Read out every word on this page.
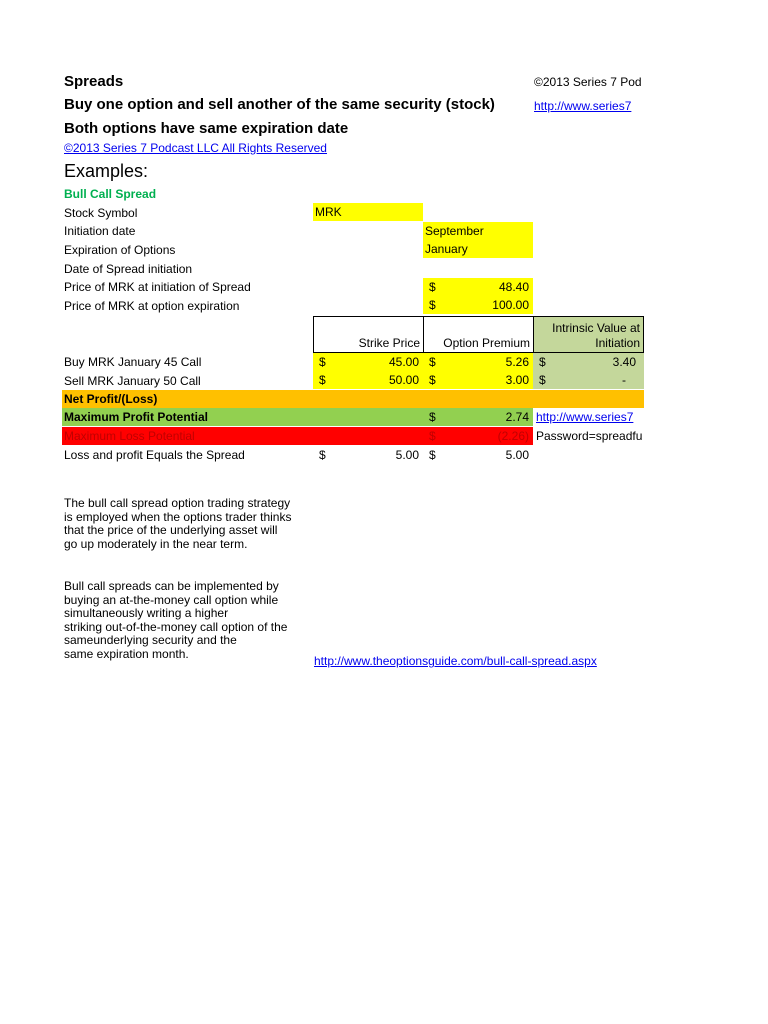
Spreads	©2013 Series 7 Pod
Buy one option and sell another of the same security (stock)	http://www.series7
Both options have same expiration date
©2013 Series 7 Podcast LLC All Rights Reserved
Examples:
Bull Call Spread
Stock Symbol	MRK
Initiation date	September
Expiration of Options	January
Date of Spread initiation
Price of MRK at initiation of Spread	$	48.40
Price of MRK at option expiration	$	100.00
Strike Price Option Premium
Intrinsic Value at
Initiation
Buy MRK January 45 Call	$	45.00 $	5.26 $	3.40
Sell MRK January 50 Call	$	50.00 $	3.00 $	-
Net Profit/(Loss)
Maximum Profit Potential	$	2.74 http://www.series7
Maximum Loss Potential	$	(2.26) Password=spreadfu
Loss and profit Equals the Spread	$	5.00 $	5.00
The bull call spread option trading strategy
is employed when the options trader thinks
that the price of the underlying asset will
go up moderately in the near term.
Bull call spreads can be implemented by
buying an at-the-money call option while
simultaneously writing a higher
striking out-of-the-money call option of the
sameunderlying security and the
same expiration month.
http://www.theoptionsguide.com/bull-call-spread.aspx
